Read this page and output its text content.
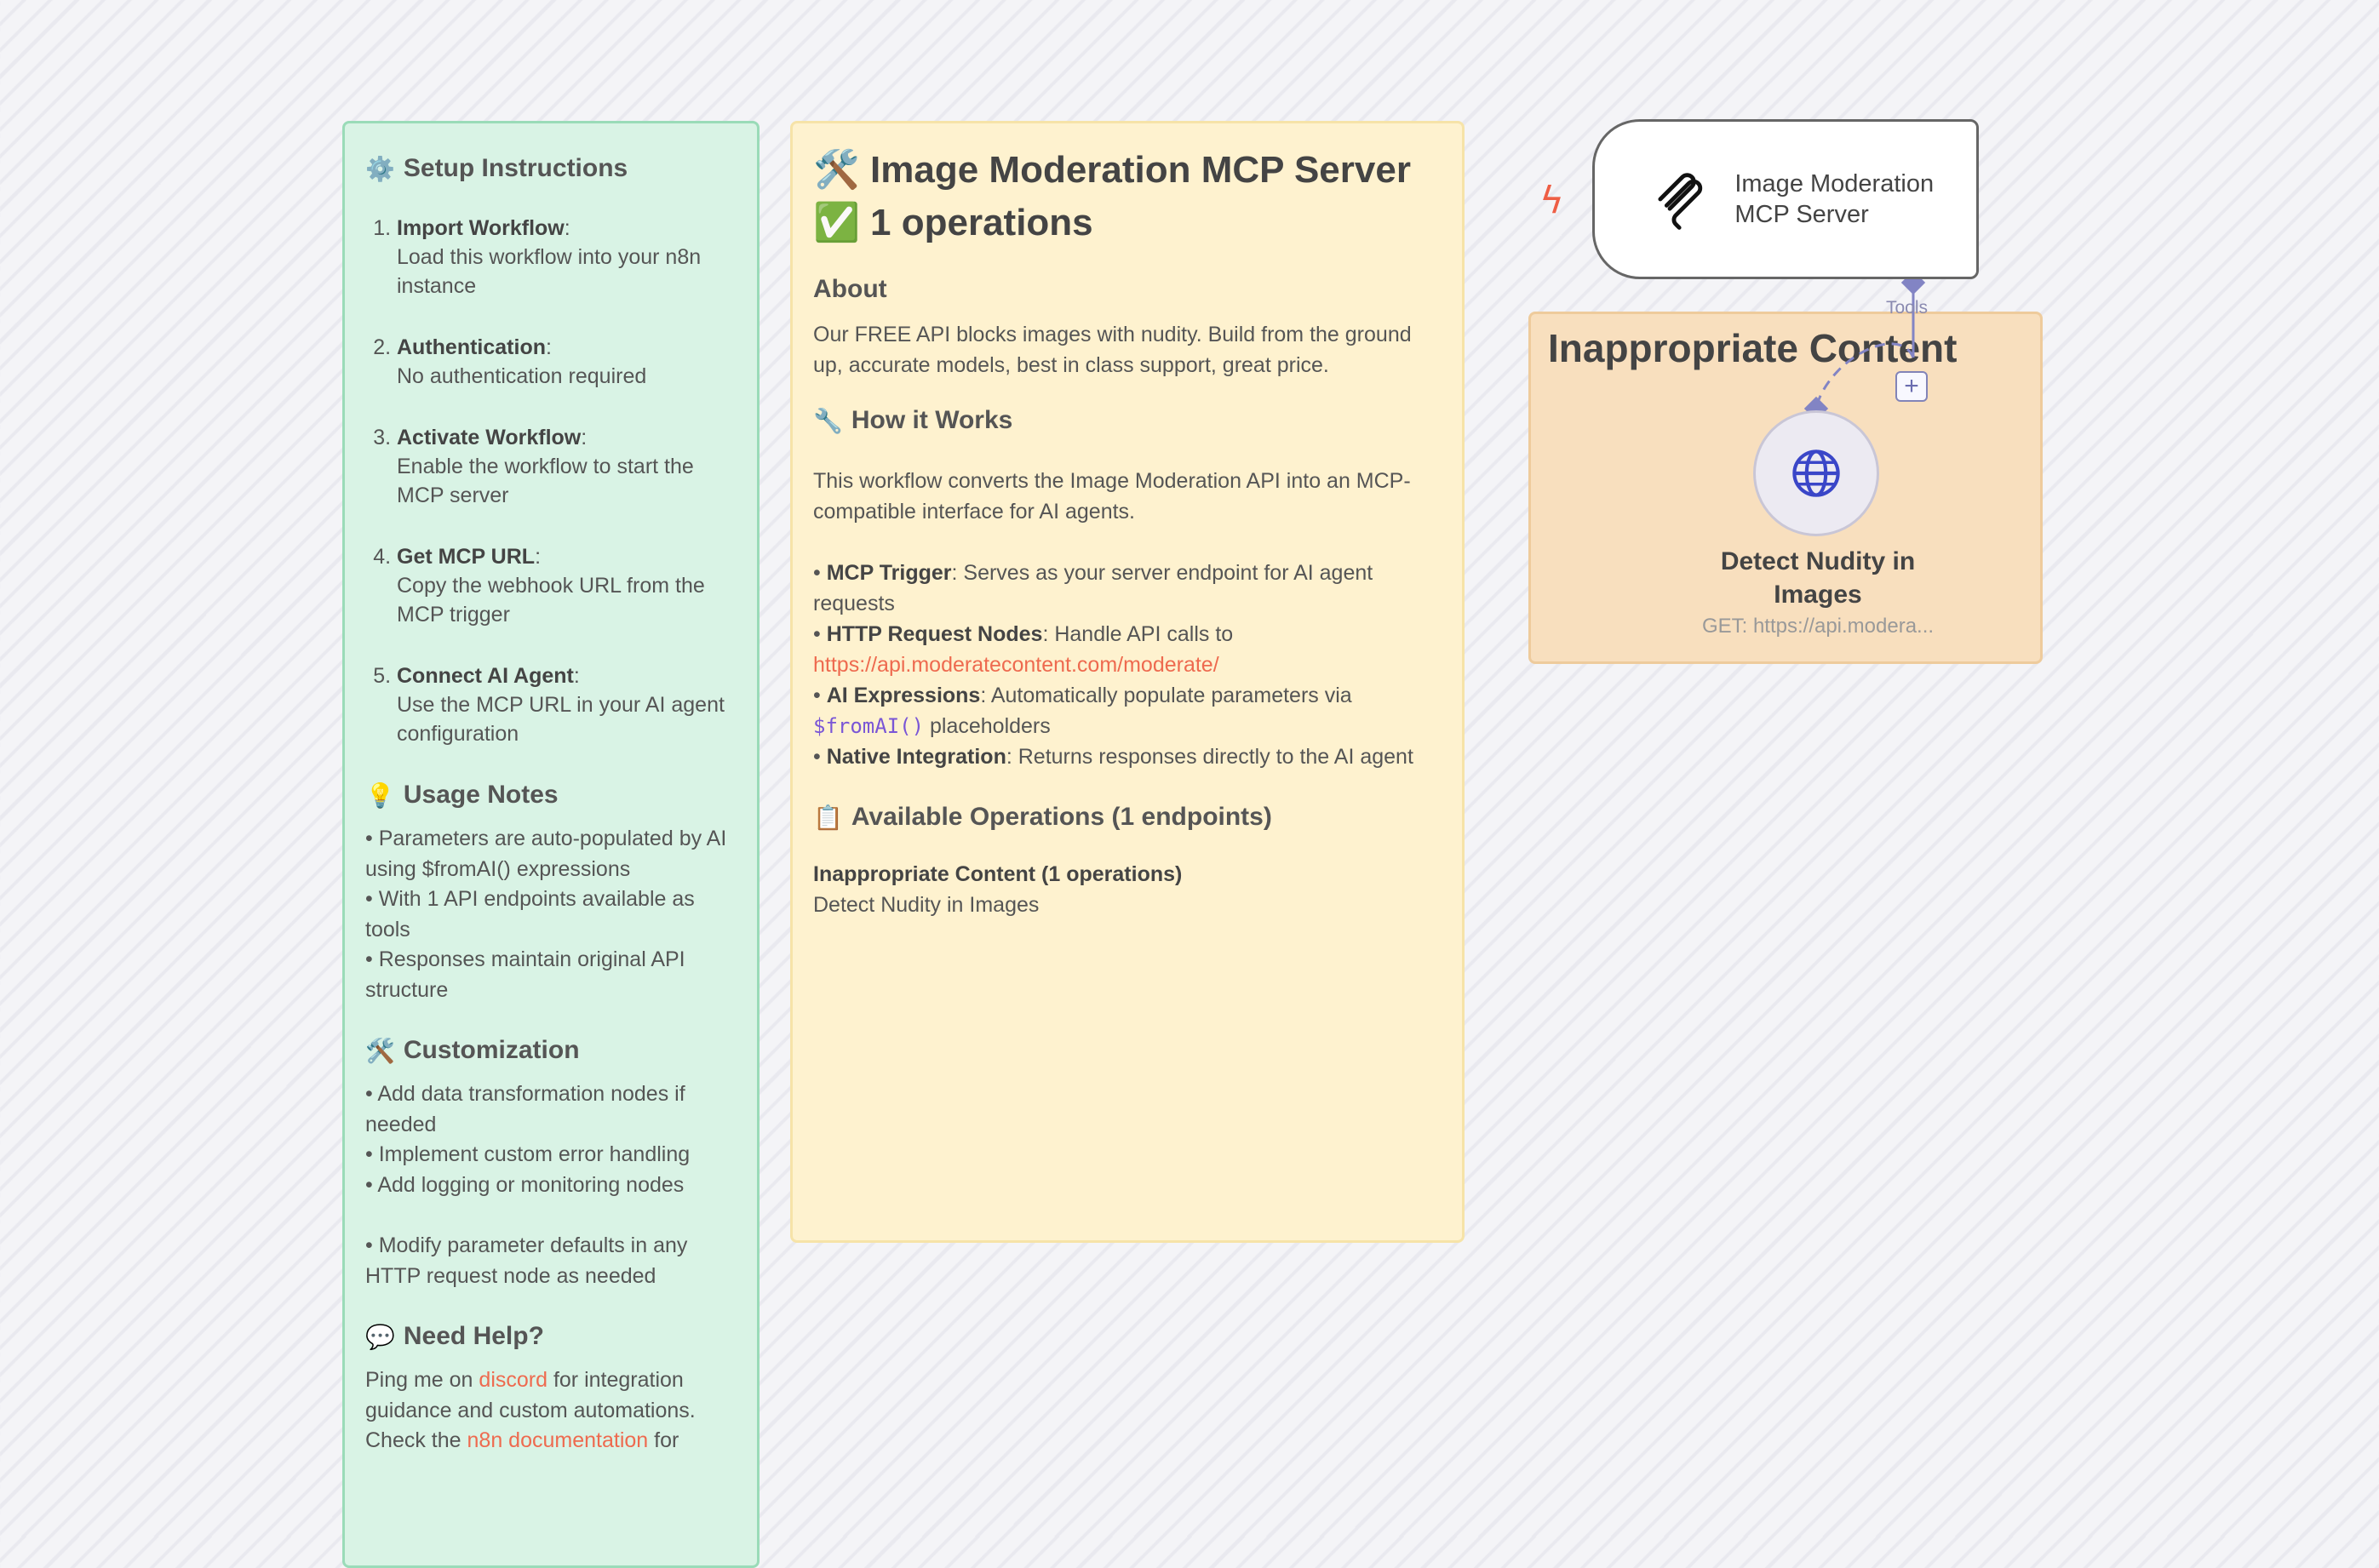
⚙️ Setup Instructions
1. Import Workflow:
Load this workflow into your n8n instance
2. Authentication:
No authentication required
3. Activate Workflow:
Enable the workflow to start the MCP server
4. Get MCP URL:
Copy the webhook URL from the MCP trigger
5. Connect AI Agent:
Use the MCP URL in your AI agent configuration
💡 Usage Notes

• Parameters are auto-populated by AI using $fromAI() expressions

• With 1 API endpoints available as tools

• Responses maintain original API structure

🛠️ Customization

• Add data transformation nodes if needed

• Implement custom error handling

• Add logging or monitoring nodes

• Modify parameter defaults in any HTTP request node as needed

💬 Need Help?

Ping me on discord for integration guidance and custom automations. Check the n8n documentation for

🛠️ Image Moderation MCP Server
✅ 1 operations
About

Our FREE API blocks images with nudity. Build from the ground up, accurate models, best in class support, great price.

🔧 How it Works

This workflow converts the Image Moderation API into an MCP-compatible interface for AI agents.

• MCP Trigger: Serves as your server endpoint for AI agent requests

• HTTP Request Nodes: Handle API calls to
https://api.moderatecontent.com/moderate/

• AI Expressions: Automatically populate parameters via
$fromAI() placeholders

• Native Integration: Returns responses directly to the AI agent

📋 Available Operations (1 endpoints)

Inappropriate Content (1 operations)

Detect Nudity in Images

Inappropriate Content
Tools
+
ϟ	Image Moderation MCP Server
Detect Nudity in Images
GET: https://api.modera...
